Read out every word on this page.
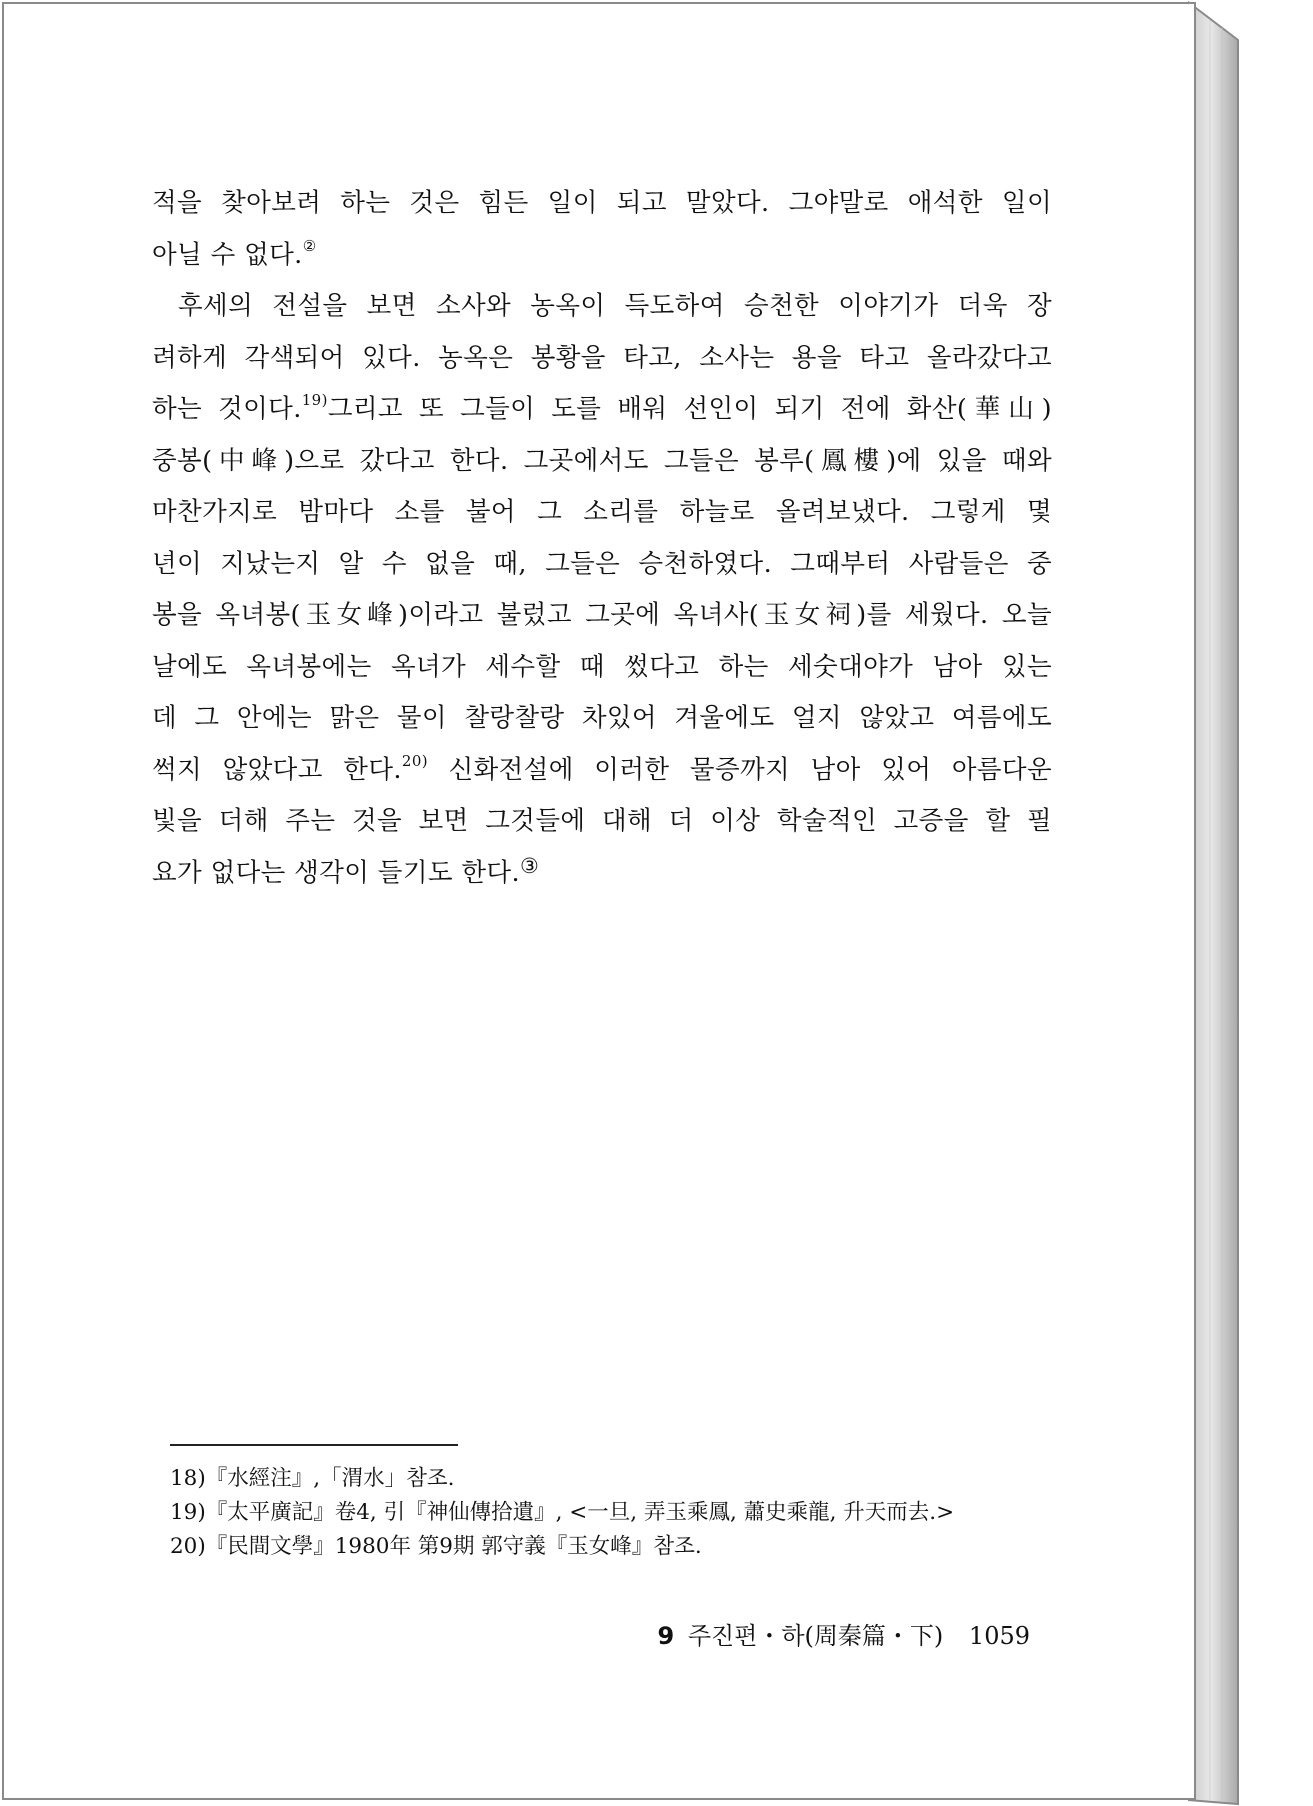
적을 찾아보려 하는 것은 힘든 일이 되고 말았다. 그야말로 애석한 일이
아닐 수 없다.②
후세의 전설을 보면 소사와 농옥이 득도하여 승천한 이야기가 더욱 장
려하게 각색되어 있다. 농옥은 봉황을 타고, 소사는 용을 타고 올라갔다고
하는 것이다.$^{19)}$그리고 또 그들이 도를 배워 선인이 되기 전에 화산(華山)
중봉(中峰)으로 갔다고 한다. 그곳에서도 그들은 봉루(鳳樓)에 있을 때와
마찬가지로 밤마다 소를 불어 그 소리를 하늘로 올려보냈다. 그렇게 몇
년이 지났는지 알 수 없을 때, 그들은 승천하였다. 그때부터 사람들은 중
봉을 옥녀봉(玉女峰)이라고 불렀고 그곳에 옥녀사(玉女祠)를 세웠다. 오늘
날에도 옥녀봉에는 옥녀가 세수할 때 썼다고 하는 세숫대야가 남아 있는
데 그 안에는 맑은 물이 찰랑찰랑 차있어 겨울에도 얼지 않았고 여름에도
썩지 않았다고 한다.$^{20)}$ 신화전설에 이러한 물증까지 남아 있어 아름다운
빛을 더해 주는 것을 보면 그것들에 대해 더 이상 학술적인 고증을 할 필
요가 없다는 생각이 들기도 한다.③
18)『水經注』,「渭水」참조.
19)『太平廣記』卷4, 引『神仙傳拾遺』, <一旦, 弄玉乘鳳, 蕭史乘龍, 升天而去.>
20)『民間文學』1980年 第9期 郭守義『玉女峰』참조.
9 주진편・하(周秦篇・下) 1059
